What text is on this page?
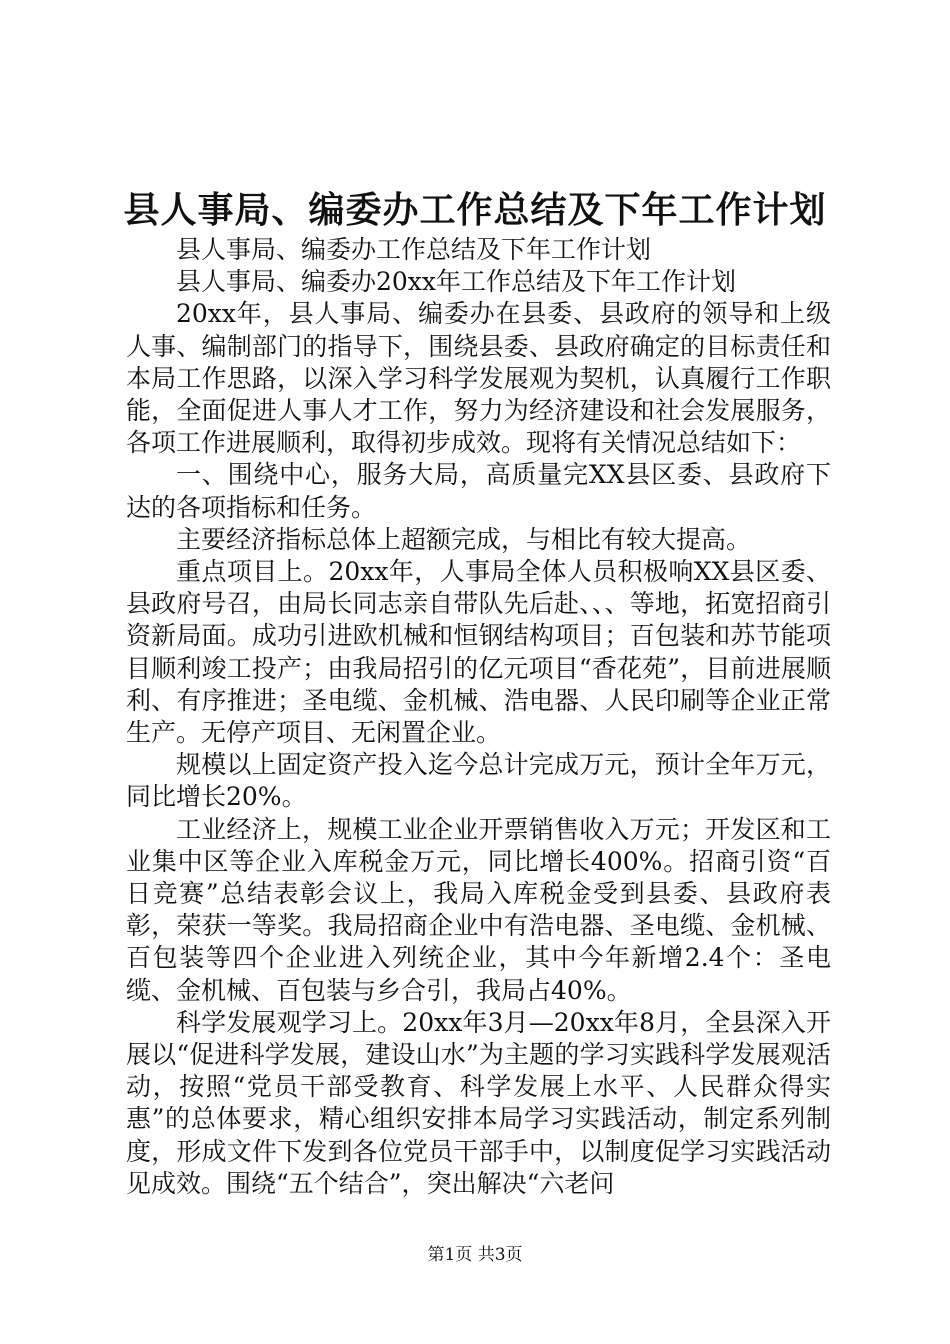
县人事局、编委办工作总结及下年工作计划

县人事局、编委办工作总结及下年工作计划

县人事局、编委办20xx年工作总结及下年工作计划

20xx年，县人事局、编委办在县委、县政府的领导和上级人事、编制部门的指导下，围绕县委、县政府确定的目标责任和本局工作思路，以深入学习科学发展观为契机，认真履行工作职能，全面促进人事人才工作，努力为经济建设和社会发展服务，各项工作进展顺利，取得初步成效。现将有关情况总结如下：

一、围绕中心，服务大局，高质量完XX县区委、县政府下达的各项指标和任务。

主要经济指标总体上超额完成，与相比有较大提高。

重点项目上。20xx年，人事局全体人员积极响XX县区委、县政府号召，由局长同志亲自带队先后赴、、、等地，拓宽招商引资新局面。成功引进欧机械和恒钢结构项目；百包装和苏节能项目顺利竣工投产；由我局招引的亿元项目“香花苑”，目前进展顺利、有序推进；圣电缆、金机械、浩电器、人民印刷等企业正常生产。无停产项目、无闲置企业。

规模以上固定资产投入迄今总计完成万元，预计全年万元，同比增长20%。

工业经济上，规模工业企业开票销售收入万元；开发区和工业集中区等企业入库税金万元，同比增长400%。招商引资“百日竞赛”总结表彰会议上，我局入库税金受到县委、县政府表彰，荣获一等奖。我局招商企业中有浩电器、圣电缆、金机械、百包装等四个企业进入列统企业，其中今年新增2.4个：圣电缆、金机械、百包装与乡合引，我局占40%。

科学发展观学习上。20xx年3月—20xx年8月，全县深入开展以“促进科学发展，建设山水”为主题的学习实践科学发展观活动，按照“党员干部受教育、科学发展上水平、人民群众得实惠”的总体要求，精心组织安排本局学习实践活动，制定系列制度，形成文件下发到各位党员干部手中，以制度促学习实践活动见成效。围绕“五个结合”，突出解决“六老问

第1页 共3页
